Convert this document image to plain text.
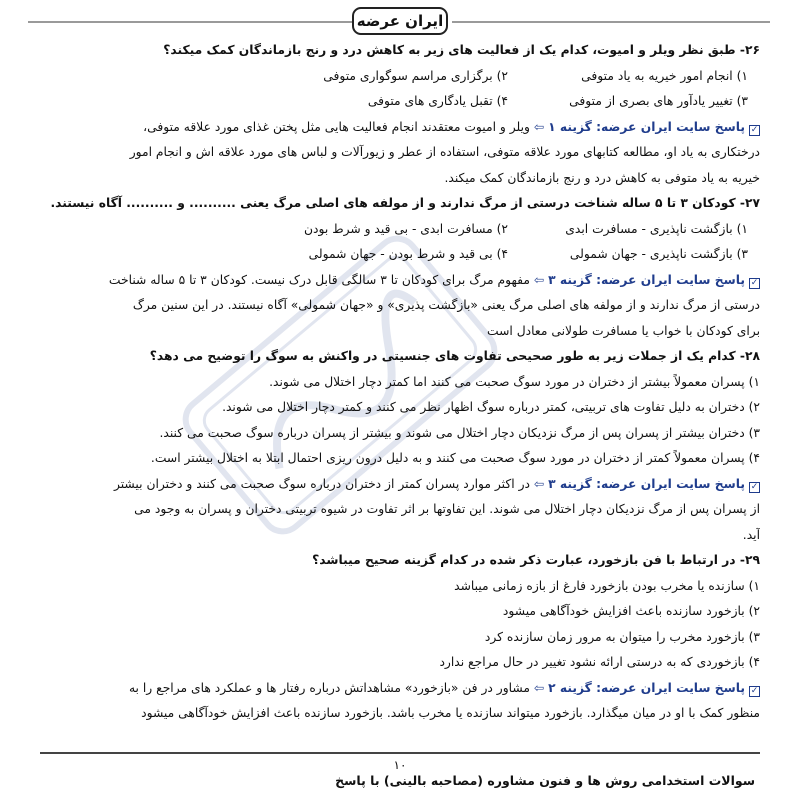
ایران عرضه
۲۶- طبق نظر ویلر و امیوت، کدام یک از فعالیت های زیر به کاهش درد و رنج بازماندگان کمک میکند؟
۱) انجام امور خیریه به یاد متوفی
۳) تغییر یادآور های بصری از متوفی
۲) برگزاری مراسم سوگواری متوفی
۴) تقبل یادگاری های متوفی
✓پاسخ سایت ایران عرضه: گزینه ۱ ⇦ ویلر و امیوت معتقدند انجام فعالیت هایی مثل پختن غذای مورد علاقه متوفی،
درختکاری به یاد او، مطالعه کتابهای مورد علاقه متوفی، استفاده از عطر و زیورآلات و لباس های مورد علاقه اش و انجام امور
خیریه به یاد متوفی به کاهش درد و رنج بازماندگان کمک میکند.
۲۷- کودکان ۳ تا ۵ ساله شناخت درستی از مرگ ندارند و از مولفه های اصلی مرگ یعنی .......... و .......... آگاه نیستند.
۱) بازگشت ناپذیری - مسافرت ابدی
۳) بازگشت ناپذیری - جهان شمولی
۲) مسافرت ابدی - بی قید و شرط بودن
۴) بی قید و شرط بودن - جهان شمولی
✓پاسخ سایت ایران عرضه: گزینه ۳ ⇦ مفهوم مرگ برای کودکان تا ۳ سالگی قابل درک نیست. کودکان ۳ تا ۵ ساله شناخت
درستی از مرگ ندارند و از مولفه های اصلی مرگ یعنی «بازگشت پذیری» و «جهان شمولی» آگاه نیستند. در این سنین مرگ
برای کودکان با خواب یا مسافرت طولانی معادل است
۲۸- کدام یک از جملات زیر به طور صحیحی تفاوت های جنسیتی در واکنش به سوگ را توضیح می دهد؟
۱) پسران معمولاً بیشتر از دختران در مورد سوگ صحبت می کنند اما کمتر دچار اختلال می شوند.
۲) دختران به دلیل تفاوت های تربیتی، کمتر درباره سوگ اظهار نظر می کنند و کمتر دچار اختلال می شوند.
۳) دختران بیشتر از پسران پس از مرگ نزدیکان دچار اختلال می شوند و بیشتر از پسران درباره سوگ صحبت می کنند.
۴) پسران معمولاً کمتر از دختران در مورد سوگ صحبت می کنند و به دلیل درون ریزی احتمال ابتلا به اختلال بیشتر است.
✓پاسخ سایت ایران عرضه: گزینه ۳ ⇦ در اکثر موارد پسران کمتر از دختران درباره سوگ صحبت می کنند و دختران بیشتر
از پسران پس از مرگ نزدیکان دچار اختلال می شوند. این تفاوتها بر اثر تفاوت در شیوه تربیتی دختران و پسران به وجود می
آید.
۲۹- در ارتباط با فن بازخورد، عبارت ذکر شده در کدام گزینه صحیح میباشد؟
۱) سازنده یا مخرب بودن بازخورد فارغ از بازه زمانی میباشد
۲) بازخورد سازنده باعث افزایش خودآگاهی میشود
۳) بازخورد مخرب را میتوان به مرور زمان سازنده کرد
۴) بازخوردی که به درستی ارائه نشود تغییر در حال مراجع ندارد
✓پاسخ سایت ایران عرضه: گزینه ۲ ⇦ مشاور در فن «بازخورد» مشاهداتش درباره رفتار ها و عملکرد های مراجع را به
منظور کمک با او در میان میگذارد. بازخورد میتواند سازنده یا مخرب باشد. بازخورد سازنده باعث افزایش خودآگاهی میشود
۱۰
سوالات استخدامی روش ها و فنون مشاوره (مصاحبه بالینی) با پاسخ
